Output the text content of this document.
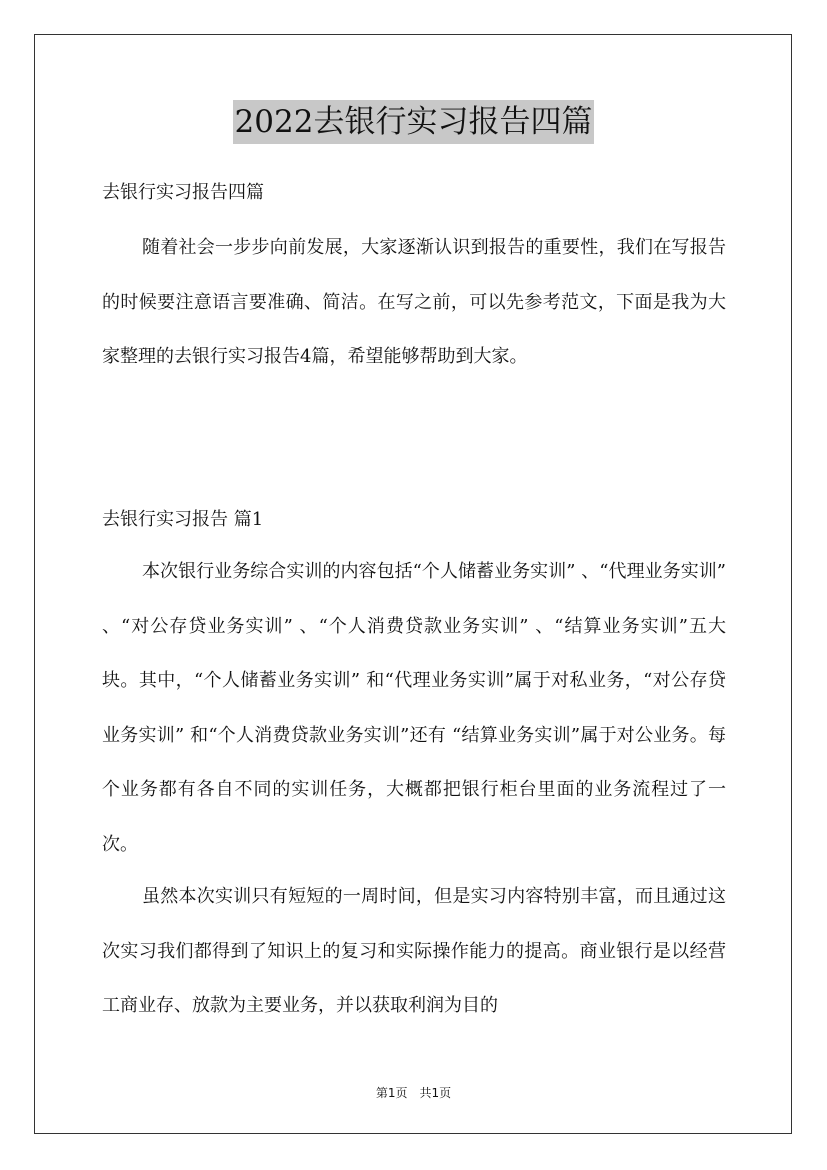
2022去银行实习报告四篇
去银行实习报告四篇

随着社会一步步向前发展，大家逐渐认识到报告的重要性，我们在写报告的时候要注意语言要准确、简洁。在写之前，可以先参考范文，下面是我为大家整理的去银行实习报告4篇，希望能够帮助到大家。

去银行实习报告 篇1

本次银行业务综合实训的内容包括“个人储蓄业务实训” 、“代理业务实训” 、“对公存贷业务实训” 、“个人消费贷款业务实训” 、“结算业务实训”五大块。其中，“个人储蓄业务实训” 和“代理业务实训”属于对私业务，“对公存贷业务实训” 和“个人消费贷款业务实训”还有 “结算业务实训”属于对公业务。每个业务都有各自不同的实训任务，大概都把银行柜台里面的业务流程过了一次。

虽然本次实训只有短短的一周时间，但是实习内容特别丰富，而且通过这次实习我们都得到了知识上的复习和实际操作能力的提高。商业银行是以经营工商业存、放款为主要业务，并以获取利润为目的

第1页　共1页
